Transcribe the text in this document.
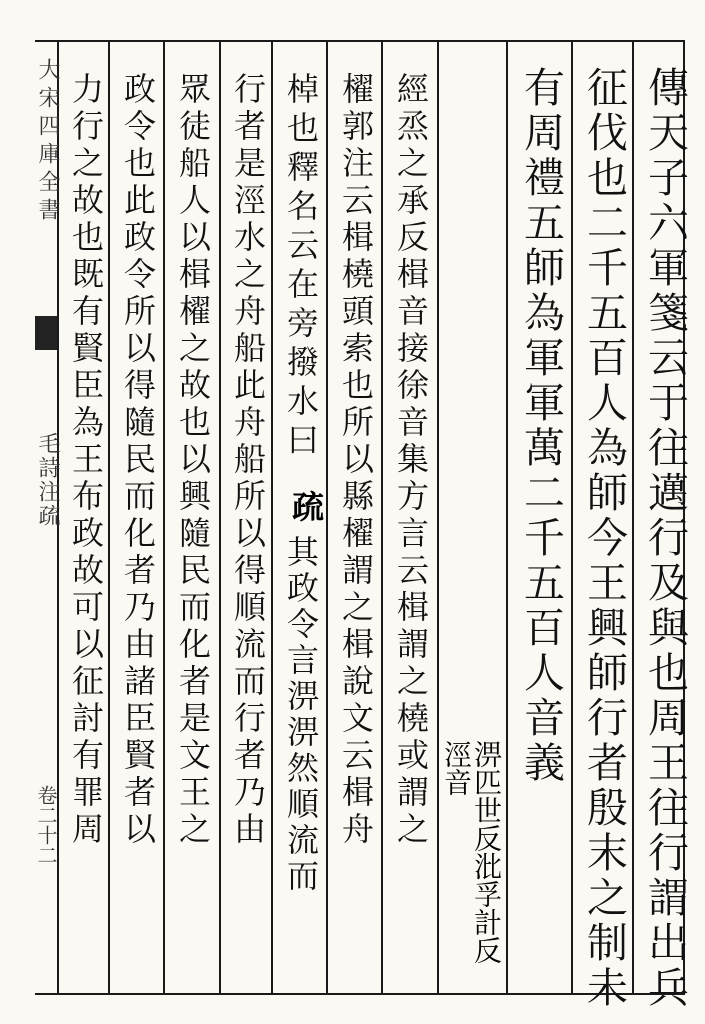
大宋四庫全書
毛詩注疏
卷二十二	傳天子六軍箋云于往邁行及與也周王往行謂出兵
征伐也二千五百人為師今王興師行者殷末之制未
有周禮五師為軍軍萬二千五百人音義
淠匹世反沘孚計反涇音
經烝之承反楫音接徐音集方言云楫謂之橈或謂之
櫂郭注云楫橈頭索也所以縣櫂謂之楫說文云楫舟
棹也釋名云在旁撥水曰
疏
其政令言淠淠然順流而
行者是涇水之舟船此舟船所以得順流而行者乃由
眾徒船人以楫櫂之故也以興隨民而化者是文王之
政令也此政令所以得隨民而化者乃由諸臣賢者以
力行之故也既有賢臣為王布政故可以征討有罪周
